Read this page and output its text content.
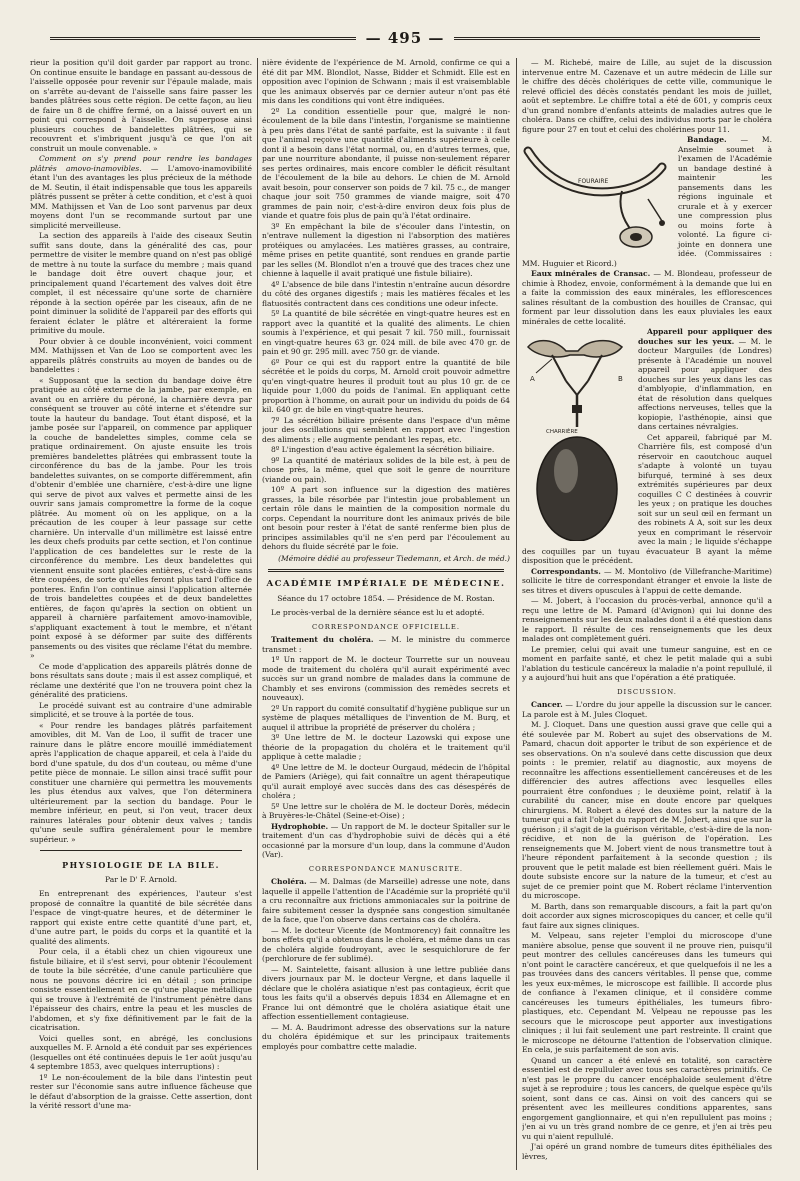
— 495 —

rieur la position qu'il doit garder par rapport au tronc. On continue ensuite le bandage en passant au-dessous de l'aisselle opposée pour revenir sur l'épaule malade, mais on s'arrête au-devant de l'aisselle sans faire passer les bandes plâtrées sous cette région. De cette façon, au lieu de faire un 8 de chiffre fermé, on a laissé ouvert en un point qui correspond à l'aisselle. On superpose ainsi plusieurs couches de bandelettes plâtrées, qui se recouvrent et s'imbriquent jusqu'à ce que l'on ait construit un moule convenable. »

Comment on s'y prend pour rendre les bandages plâtrés amovo-inamovibles. — L'amovo-inamovibilité étant l'un des avantages les plus précieux de la méthode de M. Seutin, il était indispensable que tous les appareils plâtrés pussent se prêter à cette condition, et c'est à quoi MM. Mathijssen et Van de Loo sont parvenus par deux moyens dont l'un se recommande surtout par une simplicité merveilleuse.

La section des appareils à l'aide des ciseaux Seutin suffit sans doute, dans la généralité des cas, pour permettre de visiter le membre quand on n'est pas obligé de mettre à nu toute la surface du membre ; mais quand le bandage doit être ouvert chaque jour, et principalement quand l'écartement des valves doit être complet, il est nécessaire qu'une sorte de charnière réponde à la section opérée par les ciseaux, afin de ne point diminuer la solidité de l'appareil par des efforts qui feraient éclater le plâtre et altéreraient la forme primitive du moule.

Pour obvier à ce double inconvénient, voici comment MM. Mathijssen et Van de Loo se comportent avec les appareils plâtrés construits au moyen de bandes ou de bandelettes :

« Supposant que la section du bandage doive être pratiquée au côté externe de la jambe, par exemple, en avant ou en arrière du péroné, la charnière devra par conséquent se trouver au côté interne et s'étendre sur toute la hauteur du bandage. Tout étant disposé, et la jambe posée sur l'appareil, on commence par appliquer la couche de bandelettes simples, comme cela se pratique ordinairement. On ajuste ensuite les trois premières bandelettes plâtrées qui embrassent toute la circonférence du bas de la jambe. Pour les trois bandelettes suivantes, on se comporte différemment, afin d'obtenir d'emblée une charnière, c'est-à-dire une ligne qui serve de pivot aux valves et permette ainsi de les ouvrir sans jamais compromettre la forme de la coque plâtrée. Au moment où on les applique, on a la précaution de les couper à leur passage sur cette charnière. Un intervalle d'un millimètre est laissé entre les deux chefs produits par cette section, et l'on continue l'application de ces bandelettes sur le reste de la circonférence du membre. Les deux bandelettes qui viennent ensuite sont placées entières, c'est-à-dire sans être coupées, de sorte qu'elles feront plus tard l'office de ponteres. Enfin l'on continue ainsi l'application alternée de trois bandelettes coupées et de deux bandelettes entières, de façon qu'après la section on obtient un appareil à charnière parfaitement amovo-inamovible, s'appliquant exactement à tout le membre, et n'étant point exposé à se déformer par suite des différents pansements ou des visites que réclame l'état du membre. »

Ce mode d'application des appareils plâtrés donne de bons résultats sans doute ; mais il est assez compliqué, et réclame une dextérité que l'on ne trouvera point chez la généralité des praticiens.

Le procédé suivant est au contraire d'une admirable simplicité, et se trouve à la portée de tous.

« Pour rendre les bandages plâtrés parfaitement amovibles, dit M. Van de Loo, il suffit de tracer une rainure dans le plâtre encore mouillé immédiatement après l'application de chaque appareil, et cela à l'aide du bord d'une spatule, du dos d'un couteau, ou même d'une petite pièce de monnaie. Le sillon ainsi tracé suffit pour constituer une charnière qui permettra les mouvements les plus étendus aux valves, que l'on déterminera ultérieurement par la section du bandage. Pour le membre inférieur, en peut, si l'on veut, tracer deux rainures latérales pour obtenir deux valves ; tandis qu'une seule suffira généralement pour le membre supérieur. »

PHYSIOLOGIE DE LA BILE.
Par le D' F. Arnold.

En entreprenant des expériences, l'auteur s'est proposé de connaître la quantité de bile sécrétée dans l'espace de vingt-quatre heures, et de déterminer le rapport qui existe entre cette quantité d'une part, et, d'une autre part, le poids du corps et la quantité et la qualité des aliments.

Pour cela, il a établi chez un chien vigoureux une fistule biliaire, et il s'est servi, pour obtenir l'écoulement de toute la bile sécrétée, d'une canule particulière que nous ne pouvons décrire ici en détail ; son principe consiste essentiellement en ce qu'une plaque métallique qui se trouve à l'extrémité de l'instrument pénètre dans l'épaisseur des chairs, entre la peau et les muscles de l'abdomen, et s'y fixe définitivement par le fait de la cicatrisation.

Voici quelles sont, en abrégé, les conclusions auxquelles M. F. Arnold a été conduit par ses expériences (lesquelles ont été continuées depuis le 1er août jusqu'au 4 septembre 1853, avec quelques interruptions) :

1º Le non-écoulement de la bile dans l'intestin peut rester sur l'économie sans autre influence fâcheuse que le défaut d'absorption de la graisse. Cette assertion, dont la vérité ressort d'une ma-

nière évidente de l'expérience de M. Arnold, confirme ce qui a été dit par MM. Blondlot, Nasse, Bidder et Schmidt. Elle est en opposition avec l'opinion de Schwann ; mais il est vraisemblable que les animaux observés par ce dernier auteur n'ont pas été mis dans les conditions qui vont être indiquées.

2º La condition essentielle pour que, malgré le non-écoulement de la bile dans l'intestin, l'organisme se maintienne à peu près dans l'état de santé parfaite, est la suivante : il faut que l'animal reçoive une quantité d'aliments supérieure à celle dont il a besoin dans l'état normal, ou, en d'autres termes, que, par une nourriture abondante, il puisse non-seulement réparer ses pertes ordinaires, mais encore combler le déficit résultant de l'écoulement de la bile au dehors. Le chien de M. Arnold avait besoin, pour conserver son poids de 7 kil. 75 c., de manger chaque jour soit 750 grammes de viande maigre, soit 470 grammes de pain noir, c'est-à-dire environ deux fois plus de viande et quatre fois plus de pain qu'à l'état ordinaire.

3º En empêchant la bile de s'écouler dans l'intestin, on n'entrave nullement la digestion ni l'absorption des matières protéiques ou amylacées. Les matières grasses, au contraire, même prises en petite quantité, sont rendues en grande partie par les selles (M. Blondlot n'en a trouvé que des traces chez une chienne à laquelle il avait pratiqué une fistule biliaire).

4º L'absence de bile dans l'intestin n'entraîne aucun désordre du côté des organes digestifs ; mais les matières fécales et les flatuosités contractent dans ces conditions une odeur infecte.

5º La quantité de bile sécrétée en vingt-quatre heures est en rapport avec la quantité et la qualité des aliments. Le chien soumis à l'expérience, et qui pesait 7 kil. 750 mill., fournissait en vingt-quatre heures 63 gr. 024 mill. de bile avec 470 gr. de pain et 90 gr. 295 mill. avec 750 gr. de viande.

6º Pour ce qui est du rapport entre la quantité de bile sécrétée et le poids du corps, M. Arnold croit pouvoir admettre qu'en vingt-quatre heures il produit tout au plus 10 gr. de ce liquide pour 1,000 du poids de l'animal. En appliquant cette proportion à l'homme, on aurait pour un individu du poids de 64 kil. 640 gr. de bile en vingt-quatre heures.

7º La sécrétion biliaire présente dans l'espace d'un même jour des oscillations qui semblent en rapport avec l'ingestion des aliments ; elle augmente pendant les repas, etc.

8º L'ingestion d'eau active également la sécrétion biliaire.

9º La quantité de matériaux solides de la bile est, à peu de chose près, la même, quel que soit le genre de nourriture (viande ou pain).

10º A part son influence sur la digestion des matières grasses, la bile résorbée par l'intestin joue probablement un certain rôle dans le maintien de la composition normale du corps. Cependant la nourriture dont les animaux privés de bile ont besoin pour rester à l'état de santé renferme bien plus de principes assimilables qu'il ne s'en perd par l'écoulement au dehors du fluide sécrété par le foie.

(Mémoire dédié au professeur Tiedemann, et Arch. de méd.)
ACADÉMIE IMPÉRIALE DE MÉDECINE.
Séance du 17 octobre 1854. — Présidence de M. Rostan.

Le procès-verbal de la dernière séance est lu et adopté.

CORRESPONDANCE OFFICIELLE.

Traitement du choléra. — M. le ministre du commerce transmet :

1º Un rapport de M. le docteur Tourrette sur un nouveau mode de traitement du choléra qu'il aurait expérimenté avec succès sur un grand nombre de malades dans la commune de Chambly et ses environs (commission des remèdes secrets et nouveaux).

2º Un rapport du comité consultatif d'hygiène publique sur un système de plaques métalliques de l'invention de M. Burq, et auquel il attribue la propriété de préserver du choléra ;

3º Une lettre de M. le docteur Lazowski qui expose une théorie de la propagation du choléra et le traitement qu'il applique à cette maladie ;

4º Une lettre de M. le docteur Ourgaud, médecin de l'hôpital de Pamiers (Ariège), qui fait connaître un agent thérapeutique qu'il aurait employé avec succès dans des cas désespérés de choléra ;

5º Une lettre sur le choléra de M. le docteur Dorès, médecin à Bruyères-le-Châtel (Seine-et-Oise) ;

Hydrophobie. — Un rapport de M. le docteur Spitaller sur le traitement d'un cas d'hydrophobie suivi de décès qui a été occasionné par la morsure d'un loup, dans la commune d'Audon (Var).

CORRESPONDANCE MANUSCRITE.

Choléra. — M. Dalmas (de Marseille) adresse une note, dans laquelle il appelle l'attention de l'Académie sur la propriété qu'il a cru reconnaître aux frictions ammoniacales sur la poitrine de faire subitement cesser la dyspnée sans congestion simultanée de la face, que l'on observe dans certains cas de choléra.

— M. le docteur Vicente (de Montmorency) fait connaître les bons effets qu'il a obtenus dans le choléra, et même dans un cas de choléra algide foudroyant, avec le sesquichlorure de fer (perchlorure de fer sublimé).

— M. Saintelette, faisant allusion à une lettre publiée dans divers journaux par M. le docteur Vergne, et dans laquelle il déclare que le choléra asiatique n'est pas contagieux, écrit que tous les faits qu'il a observés depuis 1834 en Allemagne et en France lui ont démontré que le choléra asiatique était une affection essentiellement contagieuse.

— M. A. Baudrimont adresse des observations sur la nature du choléra épidémique et sur les principaux traitements employés pour combattre cette maladie.

— M. Richebé, maire de Lille, au sujet de la discussion intervenue entre M. Cazenave et un autre médecin de Lille sur le chiffre des décès cholériques de cette ville, communique le relevé officiel des décès constatés pendant les mois de juillet, août et septembre. Le chiffre total a été de 601, y compris ceux d'un grand nombre d'enfants atteints de maladies autres que le choléra. Dans ce chiffre, celui des individus morts par le choléra figure pour 27 en tout et celui des cholérines pour 11.

FOURAIRE

Bandage. — M. Anselmie soumet à l'examen de l'Académie un bandage destiné à maintenir les pansements dans les régions inguinale et crurale et à y exercer une compression plus ou moins forte à volonté. La figure ci-jointe en donnera une idée. (Commissaires : MM. Huguier et Ricord.)

Eaux minérales de Cransac. — M. Blondeau, professeur de chimie à Rhodez, envoie, conformément à la demande que lui en a faite la commission des eaux minérales, les efflorescences salines résultant de la combustion des houilles de Cransac, qui forment par leur dissolution dans les eaux pluviales les eaux minérales de cette localité.

A	B
CHARRIÈRE

Appareil pour appliquer des douches sur les yeux. — M. le docteur Marguiles (de Londres) présente à l'Académie un nouvel appareil pour appliquer des douches sur les yeux dans les cas d'amblyopie, d'inflammation, en état de résolution dans quelques affections nerveuses, telles que la kopiopie, l'asthénopie, ainsi que dans certaines névralgies.

Cet appareil, fabriqué par M. Charrière fils, est composé d'un réservoir en caoutchouc auquel s'adapte à volonté un tuyau bifurqué, terminé à ses deux extrémités supérieures par deux coquilles C C destinées à couvrir les yeux ; on pratique les douches soit sur un seul œil en fermant un des robinets A A, soit sur les deux yeux en comprimant le réservoir avec la main ; le liquide s'échappe des coquilles par un tuyau évacuateur B ayant la même disposition que le précédent.

Correspondants. — M. Montolivo (de Villefranche-Maritime) sollicite le titre de correspondant étranger et envoie la liste de ses titres et divers opuscules à l'appui de cette demande.

— M. Jobert, à l'occasion du procès-verbal, annonce qu'il a reçu une lettre de M. Pamard (d'Avignon) qui lui donne des renseignements sur les deux malades dont il a été question dans le rapport. Il résulte de ces renseignements que les deux malades ont complètement guéri.

Le premier, celui qui avait une tumeur sanguine, est en ce moment en parfaite santé, et chez le petit malade qui a subi l'ablation du testicule cancéreux la maladie n'a point repullulé, il y a aujourd'hui huit ans que l'opération a été pratiquée.

DISCUSSION.

Cancer. — L'ordre du jour appelle la discussion sur le cancer. La parole est à M. Jules Cloquet.

M. J. Cloquet. Dans une question aussi grave que celle qui a été soulevée par M. Robert au sujet des observations de M. Pamard, chacun doit apporter le tribut de son expérience et de ses observations. On n'a soulevé dans cette discussion que deux points : le premier, relatif au diagnostic, aux moyens de reconnaître les affections essentiellement cancéreuses et de les différencier des autres affections avec lesquelles elles pourraient être confondues ; le deuxième point, relatif à la curabilité du cancer, mise en doute encore par quelques chirurgiens. M. Robert a élevé des doutes sur la nature de la tumeur qui a fait l'objet du rapport de M. Jobert, ainsi que sur la guérison ; il s'agit de la guérison véritable, c'est-à-dire de la non-récidive, et non de la guérison de l'opération. Les renseignements que M. Jobert vient de nous transmettre tout à l'heure répondent parfaitement à la seconde question ; ils prouvent que le petit malade est bien réellement guéri. Mais le doute subsiste encore sur la nature de la tumeur, et c'est au sujet de ce premier point que M. Robert réclame l'intervention du microscope.

M. Barth, dans son remarquable discours, a fait la part qu'on doit accorder aux signes microscopiques du cancer, et celle qu'il faut faire aux signes cliniques.

M. Velpeau, sans rejeter l'emploi du microscope d'une manière absolue, pense que souvent il ne prouve rien, puisqu'il peut montrer des cellules cancéreuses dans les tumeurs qui n'ont point le caractère cancéreux, et que quelquefois il ne les a pas trouvées dans des cancers véritables. Il pense que, comme les yeux eux-mêmes, le microscope est faillible. Il accorde plus de confiance à l'examen clinique, et il considère comme cancéreuses les tumeurs épithéliales, les tumeurs fibro-plastiques, etc. Cependant M. Velpeau ne repousse pas les secours que le microscope peut apporter aux investigations cliniques ; il lui fait seulement une part restreinte. Il craint que le microscope ne détourne l'attention de l'observation clinique. En cela, je suis parfaitement de son avis.

Quand un cancer a été enlevé en totalité, son caractère essentiel est de repulluler avec tous ses caractères primitifs. Ce n'est pas le propre du cancer encéphaloïde seulement d'être sujet à se reproduire ; tous les cancers, de quelque espèce qu'ils soient, sont dans ce cas. Ainsi on voit des cancers qui se présentent avec les meilleures conditions apparentes, sans engorgement ganglionnaire, et qui n'en repullulent pas moins ; j'en ai vu un très grand nombre de ce genre, et j'en ai très peu vu qui n'aient repullulé.

J'ai opéré un grand nombre de tumeurs dites épithéliales des lèvres,
